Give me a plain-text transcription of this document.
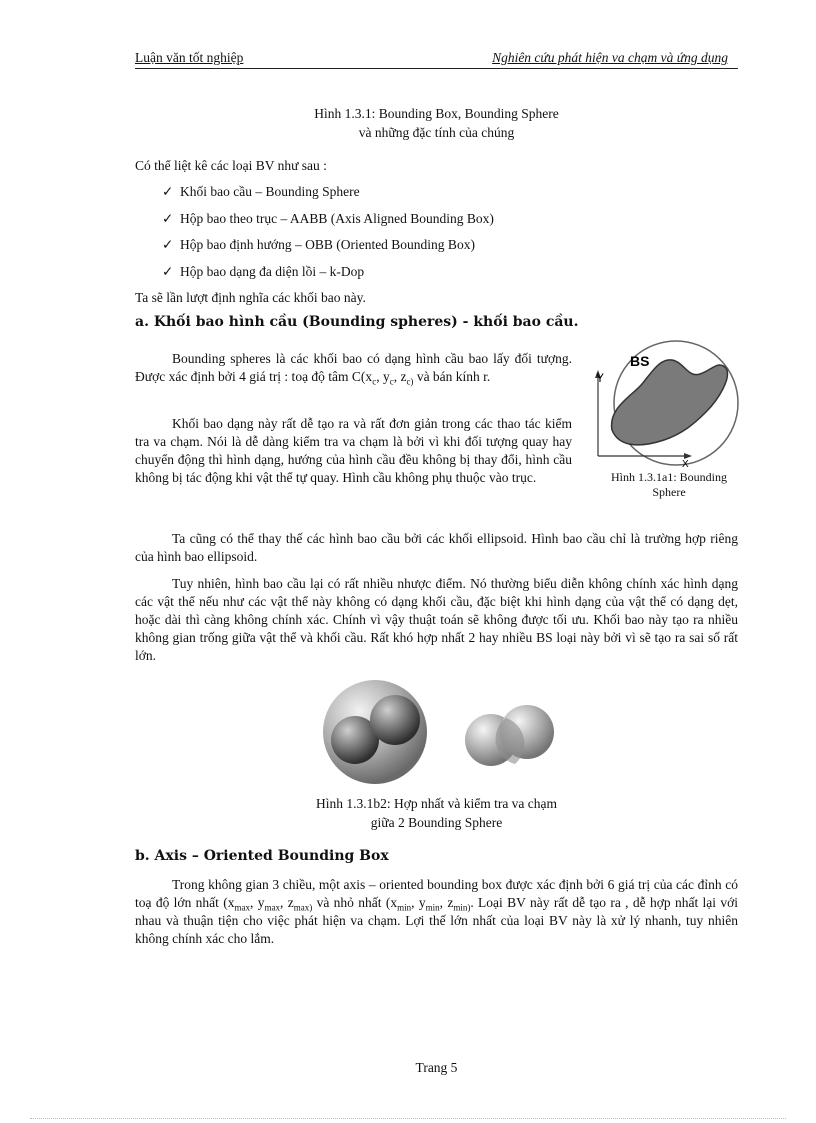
Luận văn tốt nghiệp	Nghiên cứu phát hiện va chạm và ứng dụng
Hình 1.3.1: Bounding Box, Bounding Sphere
và những đặc tính của chúng
Có thể liệt kê các loại BV như sau :
✓ Khối bao cầu – Bounding Sphere
✓ Hộp bao theo trục – AABB (Axis Aligned Bounding Box)
✓ Hộp bao định hướng – OBB (Oriented Bounding Box)
✓ Hộp bao dạng đa diện lồi – k-Dop
Ta sẽ lần lượt định nghĩa các khối bao này.
a. Khối bao hình cầu (Bounding spheres) - khối bao cầu.
Bounding spheres là các khối bao có dạng hình cầu bao lấy đối tượng. Được xác định bởi 4 giá trị : toạ độ tâm $C(x_c$, $y_c$, $z_{c)}$ và bán kính r.
Khối bao dạng này rất dễ tạo ra và rất đơn giản trong các thao tác kiểm tra va chạm. Nói là dễ dàng kiểm tra va chạm là bởi vì khi đối tượng quay hay chuyển động thì hình dạng, hướng của hình cầu đều không bị thay đổi, hình cầu không bị tác động khi vật thể tự quay. Hình cầu không phụ thuộc vào trục.
Y
BS
X
Hình 1.3.1a1: Bounding
Sphere
Ta cũng có thể thay thế các hình bao cầu bởi các khối ellipsoid. Hình bao cầu chỉ là trường hợp riêng của hình bao ellipsoid.
Tuy nhiên, hình bao cầu lại có rất nhiều nhược điểm. Nó thường biểu diễn không chính xác hình dạng các vật thể nếu như các vật thể này không có dạng khối cầu, đặc biệt khi hình dạng của vật thể có dạng dẹt, hoặc dài thì càng không chính xác. Chính vì vậy thuật toán sẽ không được tối ưu. Khối bao này tạo ra nhiều không gian trống giữa vật thể và khối cầu. Rất khó hợp nhất 2 hay nhiều BS loại này bởi vì sẽ tạo ra sai số rất lớn.
Hình 1.3.1b2: Hợp nhất và kiểm tra va chạm
giữa 2 Bounding Sphere
b. Axis – Oriented Bounding Box
Trong không gian 3 chiều, một axis – oriented bounding box được xác định bởi 6 giá trị của các đỉnh có toạ độ lớn nhất ($x_{max}$, $y_{max}$, $z_{max)}$ và nhỏ nhất ($x_{min}$, $y_{min}$, $z_{min)}$. Loại BV này rất dễ tạo ra , dễ hợp nhất lại với nhau và thuận tiện cho việc phát hiện va chạm. Lợi thế lớn nhất của loại BV này là xử lý nhanh, tuy nhiên không chính xác cho lắm.
Trang 5
